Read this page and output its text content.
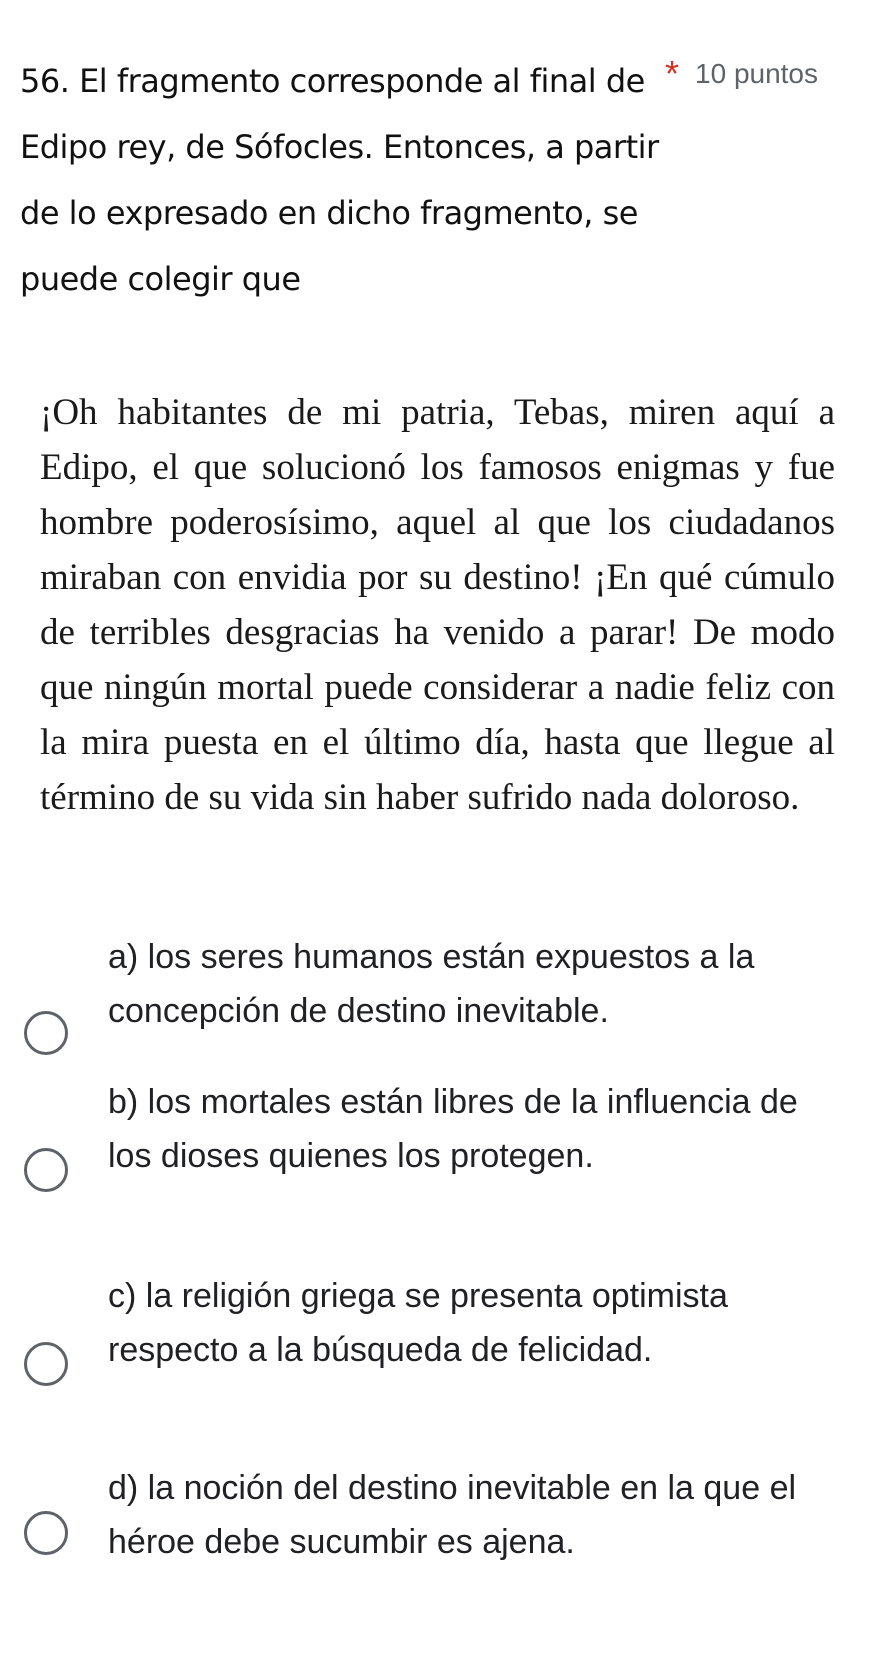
56. El fragmento corresponde al final de Edipo rey, de Sófocles. Entonces, a partir de lo expresado en dicho fragmento, se puede colegir que
* 10 puntos

¡Oh habitantes de mi patria, Tebas, miren aquí a Edipo, el que solucionó los famosos enigmas y fue hombre poderosísimo, aquel al que los ciudadanos miraban con envidia por su destino! ¡En qué cúmulo de terribles desgracias ha venido a parar! De modo que ningún mortal puede considerar a nadie feliz con la mira puesta en el último día, hasta que llegue al término de su vida sin haber sufrido nada doloroso.

a) los seres humanos están expuestos a la concepción de destino inevitable.
b) los mortales están libres de la influencia de los dioses quienes los protegen.
c) la religión griega se presenta optimista respecto a la búsqueda de felicidad.
d) la noción del destino inevitable en la que el héroe debe sucumbir es ajena.
